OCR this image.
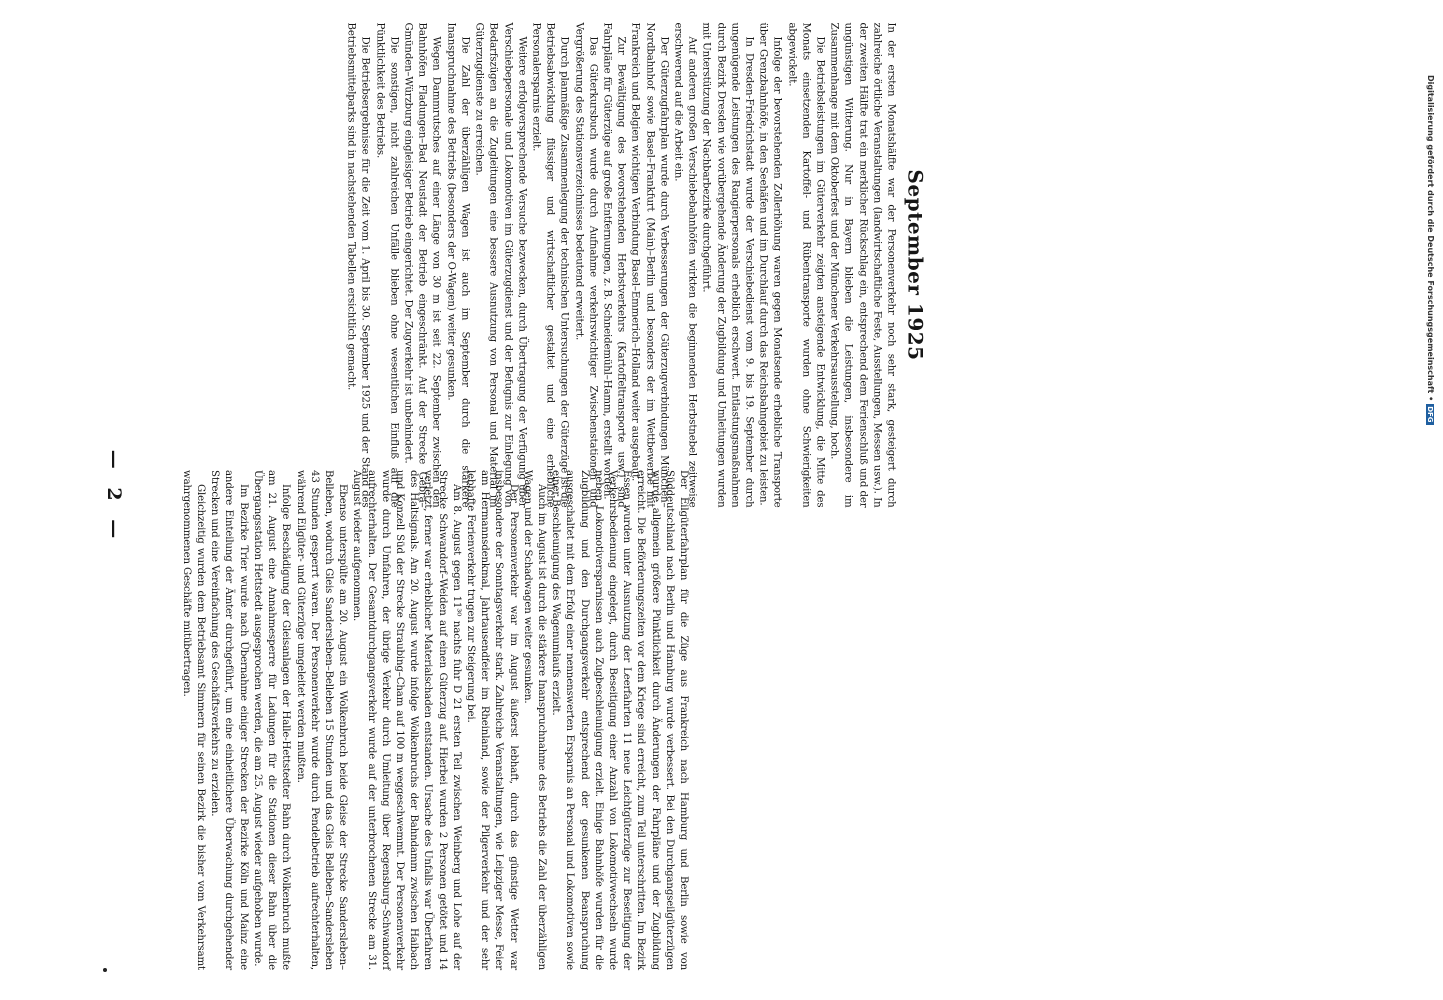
Der Eilgüterfahrplan für die Züge aus Frankreich nach Hamburg und Berlin sowie von Süddeutschland nach Berlin und Hamburg wurde verbessert. Bei den Durchgangseilgüterzügen wurde allgemein größere Pünktlichkeit durch Änderungen der Fahrpläne und der Zugbildung erreicht. Die Beförderungszeiten vor dem Kriege sind erreicht, zum Teil unterschritten. Im Bezirk Essen wurden unter Ausnutzung der Leerfahrten 11 neue Leichtgüterzüge zur Beseitigung der Verkehrsbedienung eingelegt, durch Beseitigung einer Anzahl von Lokomotivwechseln wurde neben Lokomotiversparnissen auch Zugbeschleunigung erzielt. Einige Bahnhöfe wurden für die Zugbildung und den Durchgangsverkehr entsprechend der gesunkenen Beanspruchung ausgeschaltet mit dem Erfolg einer nennenswerten Ersparnis an Personal und Lokomotiven sowie einer Beschleunigung des Wagenumlaufs erzielt.

Auch im August ist durch die stärkere Inanspruchnahme des Betriebs die Zahl der überzähligen Wagen und der Schadwagen weiter gesunken.

Der Personenverkehr war im August äußerst lebhaft, durch das günstige Wetter war insbesondere der Sonntagsverkehr stark. Zahlreiche Veranstaltungen, wie Leipziger Messe, Feier am Hermannsdenkmal, Jahrtausendfeier im Rheinland, sowie der Pilgerverkehr und der sehr lebhafte Ferienverkehr trugen zur Steigerung bei.

Am 8. August gegen 11³⁰ nachts fuhr D 21 ersten Teil zwischen Weinberg und Lohe auf der Strecke Schwandorf–Weiden auf einen Güterzug auf. Hierbei wurden 2 Personen getötet und 14 verletzt, ferner war erheblicher Materialschaden entstanden. Ursache des Unfalls war Überfahren des Haltsignals. Am 20. August wurde infolge Wolkenbruchs der Bahndamm zwischen Haibach und Konzell Süd der Strecke Straubing–Cham auf 100 m weggeschwemmt. Der Personenverkehr wurde durch Umfahren, der übrige Verkehr durch Umleitung über Regensburg–Schwandorf aufrechterhalten. Der Gesamtdurchgangsverkehr wurde auf der unterbrochenen Strecke am 31. August wieder aufgenommen.

Ebenso unterspülte am 20. August ein Wolkenbruch beide Gleise der Strecke Sandersleben–Belleben, wodurch Gleis Sandersleben–Belleben 15 Stunden und das Gleis Belleben–Sandersleben 43 Stunden gesperrt waren. Der Personenverkehr wurde durch Pendelbetrieb aufrechterhalten, während Eilgüter- und Güterzüge umgeleitet werden mußten.

Infolge Beschädigung der Gleisanlagen der Halle-Hettstedter Bahn durch Wolkenbruch mußte am 21. August eine Annahmesperre für Ladungen für die Stationen dieser Bahn über die Übergangsstation Hettstedt ausgesprochen werden, die am 25. August wieder aufgehoben wurde.

Im Bezirke Trier wurde nach Übernahme einiger Strecken der Bezirke Köln und Mainz eine andere Einteilung der Ämter durchgeführt, um eine einheitlichere Überwachung durchgehender Strecken und eine Vereinfachung des Geschäftsverkehrs zu erzielen.

Gleichzeitig wurden dem Betriebsamt Simmern für seinen Bezirk die bisher vom Verkehrsamt wahrgenommenen Geschäfte mitübertragen.

— 2 —
September 1925

In der ersten Monatshälfte war der Personenverkehr noch sehr stark, gesteigert durch zahlreiche örtliche Veranstaltungen (landwirtschaftliche Feste, Ausstellungen, Messen usw.). In der zweiten Hälfte trat ein merklicher Rückschlag ein, entsprechend dem Ferienschluß und der ungünstigen Witterung. Nur in Bayern blieben die Leistungen, insbesondere im Zusammenhange mit dem Oktoberfest und der Münchener Verkehrsausstellung, hoch.

Die Betriebsleistungen im Güterverkehr zeigten ansteigende Entwicklung, die Mitte des Monats einsetzenden Kartoffel- und Rübentransporte wurden ohne Schwierigkeiten abgewickelt.

Infolge der bevorstehenden Zollerhöhung waren gegen Monatsende erhebliche Transporte über Grenzbahnhöfe, in den Seehäfen und im Durchlauf durch das Reichsbahngebiet zu leisten.

In Dresden-Friedrichstadt wurde der Verschiebedienst vom 9. bis 19. September durch ungenügende Leistungen des Rangierpersonals erheblich erschwert. Entlastungsmaßnahmen durch Bezirk Dresden wie vorübergehende Änderung der Zugbildung und Umleitungen wurden mit Unterstützung der Nachbarbezirke durchgeführt.

Auf anderen großen Verschiebebahnhöfen wirkten die beginnenden Herbstnebel zeitweise erschwerend auf die Arbeit ein.

Der Güterzugfahrplan wurde durch Verbesserungen der Güterzugverbindungen München–Nordbahnhof sowie Basel–Frankfurt (Main)–Berlin und besonders der im Wettbewerbe mit Frankreich und Belgien wichtigen Verbindung Basel–Emmerich–Holland weiter ausgebaut.

Zur Bewältigung des bevorstehenden Herbstverkehrs (Kartoffeltransporte usw.) sind Fahrpläne für Güterzüge auf große Entfernungen, z. B. Schneidemühl–Hamm, erstellt worden.

Das Güterkursbuch wurde durch Aufnahme verkehrswichtiger Zwischenstationen und Vergrößerung des Stationsverzeichnisses bedeutend erweitert.

Durch planmäßige Zusammenlegung der technischen Untersuchungen der Güterzüge ist die Betriebsabwicklung flüssiger und wirtschaftlicher gestaltet und eine erhebliche Personalersparnis erzielt.

Weitere erfolgversprechende Versuche bezwecken, durch Übertragung der Verfügung über Verschiebepersonale und Lokomotiven im Güterzugdienst und der Befugnis zur Einlegung von Bedarfszügen an die Zugleitungen eine bessere Ausnutzung von Personal und Material im Güterzugdienste zu erreichen.

Die Zahl der überzähligen Wagen ist auch im September durch die stärkere Inanspruchnahme des Betriebs (besonders der O-Wagen) weiter gesunken.

Wegen Dammrutsches auf einer Länge von 30 m ist seit 22. September zwischen den Bahnhöfen Fladungen–Bad Neustadt der Betrieb eingeschränkt. Auf der Strecke Gebra–Gmünden–Würzburg eingleisiger Betrieb eingerichtet. Der Zugverkehr ist unbehindert.

Die sonstigen, nicht zahlreichen Unfälle blieben ohne wesentlichen Einfluß auf die Pünktlichkeit des Betriebs.

Die Betriebsergebnisse für die Zeit vom 1. April bis 30. September 1925 und der Stand des Betriebsmittelparks sind in nachstehenden Tabellen ersichtlich gemacht.	Digitalisierung gefördert durch die Deutsche Forschungsgemeinschaft •DFG
